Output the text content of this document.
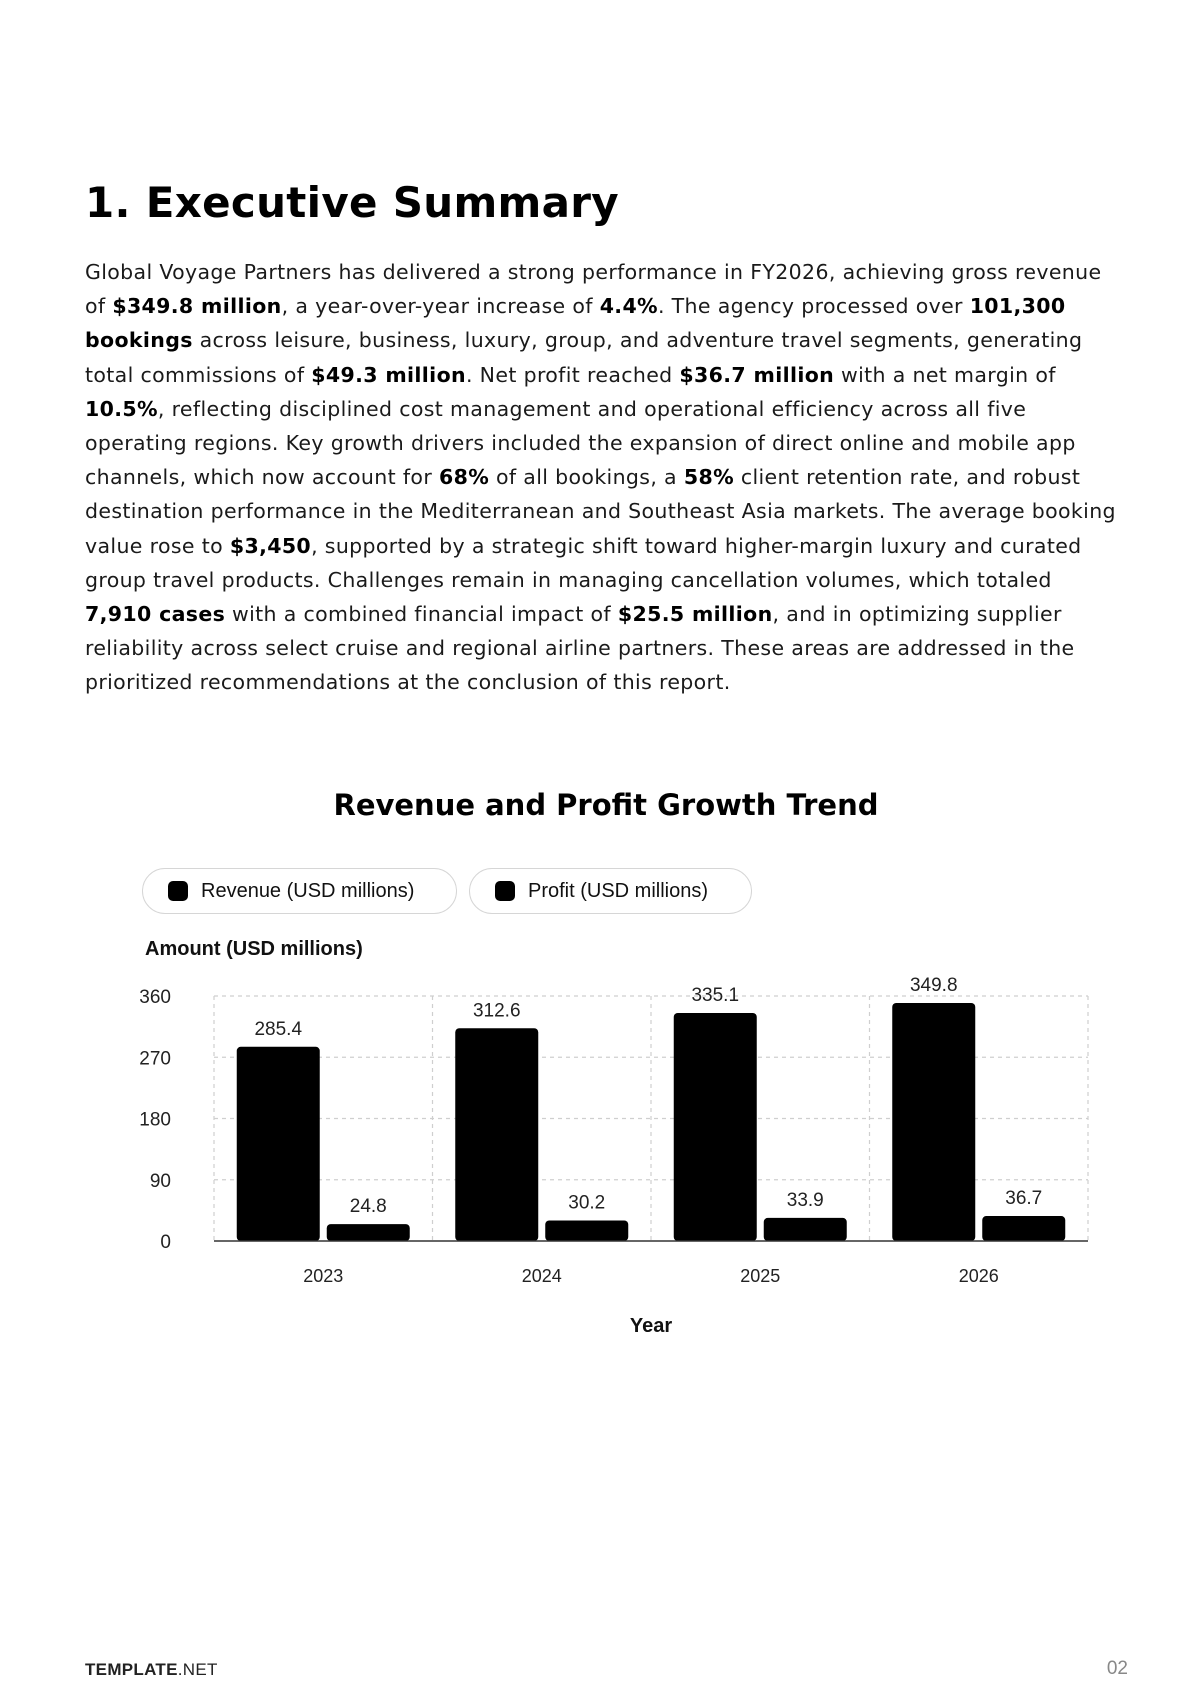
1. Executive Summary

Global Voyage Partners has delivered a strong performance in FY2026, achieving gross revenue of $349.8 million, a year-over-year increase of 4.4%. The agency processed over 101,300 bookings across leisure, business, luxury, group, and adventure travel segments, generating total commissions of $49.3 million. Net profit reached $36.7 million with a net margin of 10.5%, reflecting disciplined cost management and operational efficiency across all five operating regions. Key growth drivers included the expansion of direct online and mobile app channels, which now account for 68% of all bookings, a 58% client retention rate, and robust destination performance in the Mediterranean and Southeast Asia markets. The average booking value rose to $3,450, supported by a strategic shift toward higher-margin luxury and curated group travel products. Challenges remain in managing cancellation volumes, which totaled 7,910 cases with a combined financial impact of $25.5 million, and in optimizing supplier reliability across select cruise and regional airline partners. These areas are addressed in the prioritized recommendations at the conclusion of this report.

Revenue and Profit Growth Trend
Revenue (USD millions)	Profit (USD millions)
285.4
24.8
2023
312.6
30.2
2024
335.1
33.9
2025
349.8
36.7
2026
0
90
180
270
360
Amount (USD millions)
Year
TEMPLATE.NET	02
